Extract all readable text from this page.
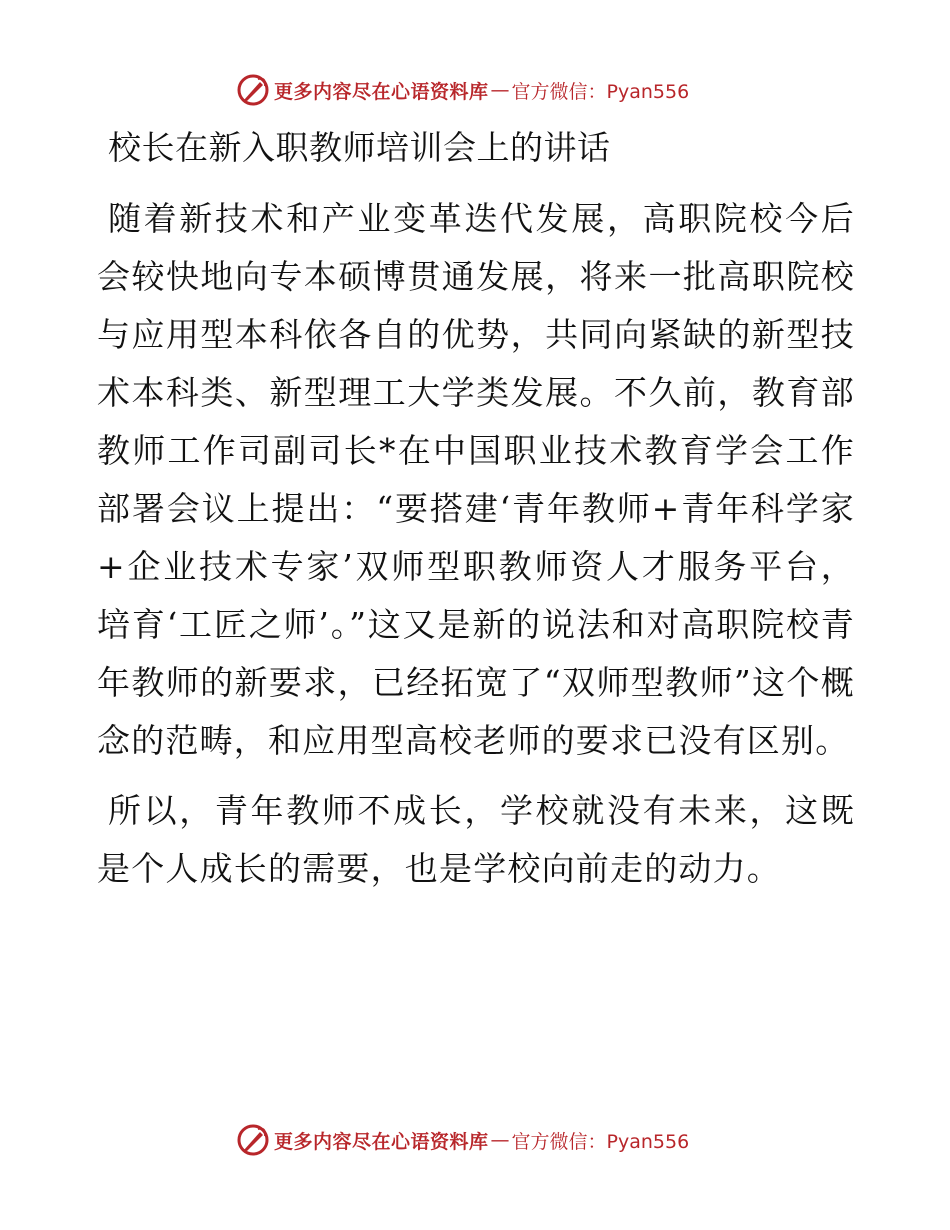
更多内容尽在心语资料库 — 官方微信：Pyan556
校长在新入职教师培训会上的讲话

随着新技术和产业变革迭代发展，高职院校今后会较快地向专本硕博贯通发展，将来一批高职院校与应用型本科依各自的优势，共同向紧缺的新型技术本科类、新型理工大学类发展。不久前，教育部教师工作司副司长*在中国职业技术教育学会工作部署会议上提出：“要搭建‘青年教师+青年科学家+企业技术专家’双师型职教师资人才服务平台，培育‘工匠之师’。”这又是新的说法和对高职院校青年教师的新要求，已经拓宽了“双师型教师”这个概念的范畴，和应用型高校老师的要求已没有区别。

所以，青年教师不成长，学校就没有未来，这既是个人成长的需要，也是学校向前走的动力。

更多内容尽在心语资料库 — 官方微信：Pyan556
